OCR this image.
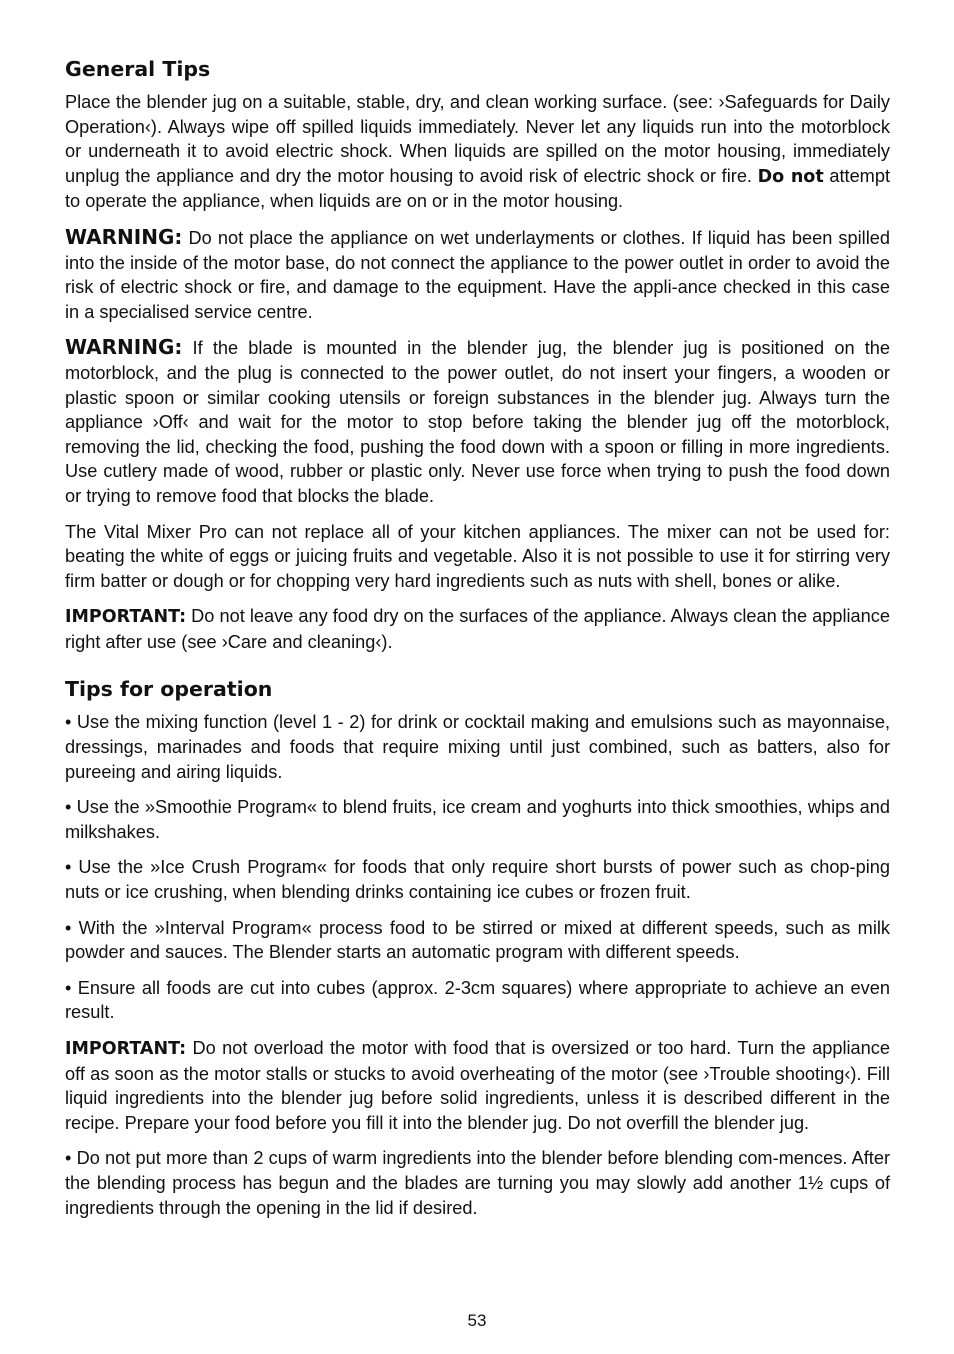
General Tips

Place the blender jug on a suitable, stable, dry, and clean working surface. (see: ›Safeguards for Daily Operation‹). Always wipe off spilled liquids immediately. Never let any liquids run into the motorblock or underneath it to avoid electric shock. When liquids are spilled on the motor housing, immediately unplug the appliance and dry the motor housing to avoid risk of electric shock or fire. Do not attempt to operate the appliance, when liquids are on or in the motor housing.

WARNING: Do not place the appliance on wet underlayments or clothes. If liquid has been spilled into the inside of the motor base, do not connect the appliance to the power outlet in order to avoid the risk of electric shock or fire, and damage to the equipment. Have the appli-ance checked in this case in a specialised service centre.

WARNING: If the blade is mounted in the blender jug, the blender jug is positioned on the motorblock, and the plug is connected to the power outlet, do not insert your fingers, a wooden or plastic spoon or similar cooking utensils or foreign substances in the blender jug. Always turn the appliance ›Off‹ and wait for the motor to stop before taking the blender jug off the motorblock, removing the lid, checking the food, pushing the food down with a spoon or filling in more ingredients. Use cutlery made of wood, rubber or plastic only. Never use force when trying to push the food down or trying to remove food that blocks the blade.

The Vital Mixer Pro can not replace all of your kitchen appliances. The mixer can not be used for: beating the white of eggs or juicing fruits and vegetable. Also it is not possible to use it for stirring very firm batter or dough or for chopping very hard ingredients such as nuts with shell, bones or alike.

IMPORTANT: Do not leave any food dry on the surfaces of the appliance. Always clean the appliance right after use (see ›Care and cleaning‹).

Tips for operation

• Use the mixing function (level 1 - 2) for drink or cocktail making and emulsions such as mayonnaise, dressings, marinades and foods that require mixing until just combined, such as batters, also for pureeing and airing liquids.

• Use the »Smoothie Program« to blend fruits, ice cream and yoghurts into thick smoothies, whips and milkshakes.

• Use the »Ice Crush Program« for foods that only require short bursts of power such as chop-ping nuts or ice crushing, when blending drinks containing ice cubes or frozen fruit.

• With the »Interval Program« process food to be stirred or mixed at different speeds, such as milk powder and sauces. The Blender starts an automatic program with different speeds.

• Ensure all foods are cut into cubes (approx. 2-3cm squares) where appropriate to achieve an even result.

IMPORTANT: Do not overload the motor with food that is oversized or too hard. Turn the appliance off as soon as the motor stalls or stucks to avoid overheating of the motor (see ›Trouble shooting‹). Fill liquid ingredients into the blender jug before solid ingredients, unless it is described different in the recipe. Prepare your food before you fill it into the blender jug. Do not overfill the blender jug.

• Do not put more than 2 cups of warm ingredients into the blender before blending com-mences. After the blending process has begun and the blades are turning you may slowly add another 1½ cups of ingredients through the opening in the lid if desired.

53
